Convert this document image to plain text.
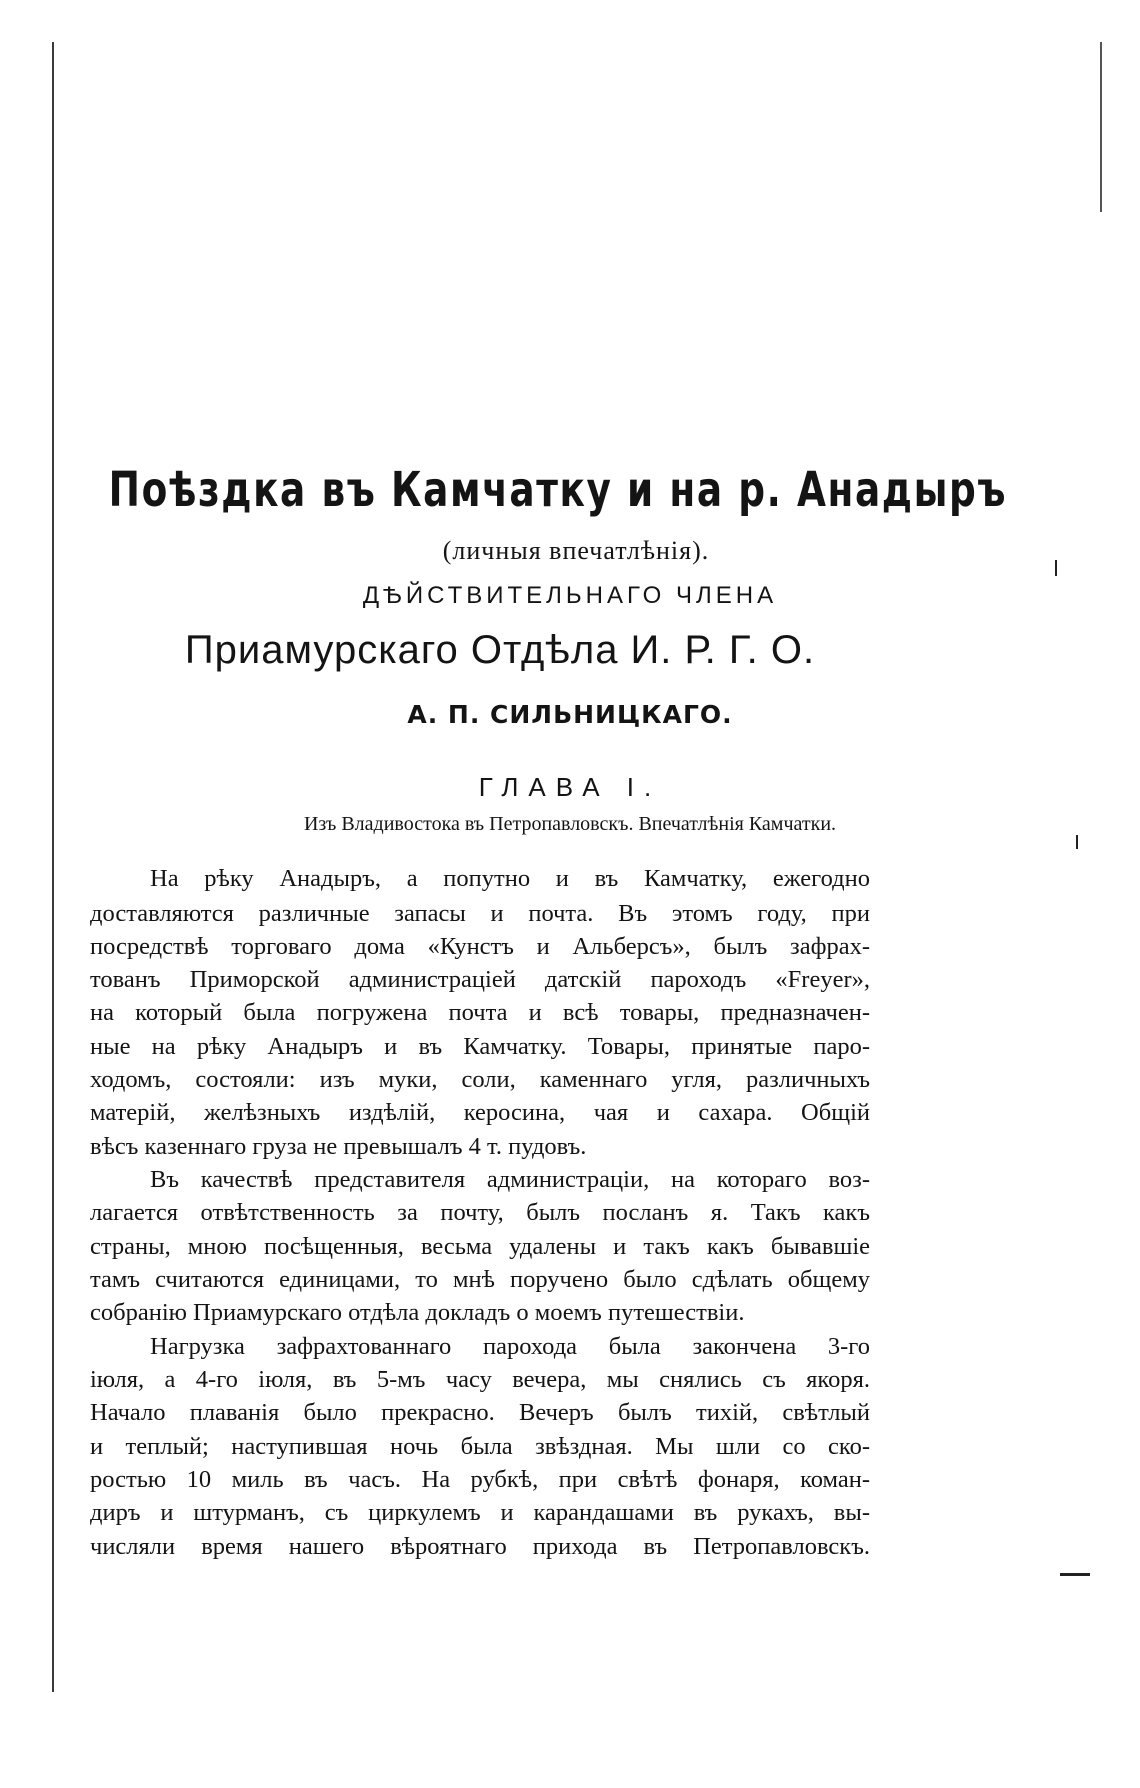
Поѣздка въ Камчатку и на р. Анадыръ
(личныя впечатлѣнія).
ДѢЙСТВИТЕЛЬНАГО ЧЛЕНА
Приамурскаго Отдѣла И. Р. Г. О.
А. П. СИЛЬНИЦКАГО.
ГЛАВА I.
Изъ Владивостока въ Петропавловскъ. Впечатлѣнія Камчатки.
На рѣку Анадыръ, а попутно и въ Камчатку, ежегодно
доставляются различные запасы и почта. Въ этомъ году, при
посредствѣ торговаго дома «Кунстъ и Альберсъ», былъ зафрах-
тованъ Приморской администраціей датскій пароходъ «Freyer»,
на который была погружена почта и всѣ товары, предназначен-
ные на рѣку Анадыръ и въ Камчатку. Товары, принятые паро-
ходомъ, состояли: изъ муки, соли, каменнаго угля, различныхъ
матерій, желѣзныхъ издѣлій, керосина, чая и сахара. Общій
вѣсъ казеннаго груза не превышалъ 4 т. пудовъ.
Въ качествѣ представителя администраціи, на котораго воз-
лагается отвѣтственность за почту, былъ посланъ я. Такъ какъ
страны, мною посѣщенныя, весьма удалены и такъ какъ бывавшіе
тамъ считаются единицами, то мнѣ поручено было сдѣлать общему
собранію Приамурскаго отдѣла докладъ о моемъ путешествіи.
Нагрузка зафрахтованнаго парохода была закончена 3-го
іюля, а 4-го іюля, въ 5-мъ часу вечера, мы снялись съ якоря.
Начало плаванія было прекрасно. Вечеръ былъ тихій, свѣтлый
и теплый; наступившая ночь была звѣздная. Мы шли со ско-
ростью 10 миль въ часъ. На рубкѣ, при свѣтѣ фонаря, коман-
диръ и штурманъ, съ циркулемъ и карандашами въ рукахъ, вы-
числяли время нашего вѣроятнаго прихода въ Петропавловскъ.
